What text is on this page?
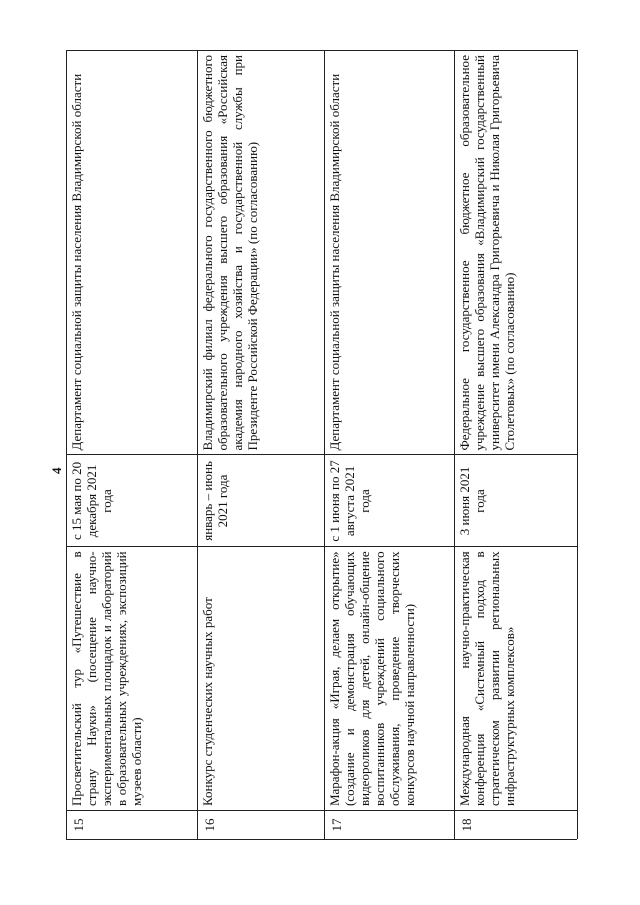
4
15
Просветительский тур «Путешествие в страну Науки» (посещение научно-экспериментальных площадок и лабораторий в образовательных учреждениях, экспозиций музеев области)
с 15 мая по 20 декабря 2021 года
Департамент социальной защиты населения Владимирской области
16
Конкурс студенческих научных работ
январь – июнь 2021 года
Владимирский филиал федерального государственного бюджетного образовательного учреждения высшего образования «Российская академия народного хозяйства и государственной службы при Президенте Российской Федерации» (по согласованию)
17
Марафон-акция «Играя, делаем открытие» (создание и демонстрация обучающих видеороликов для детей, онлайн-общение воспитанников учреждений социального обслуживания, проведение творческих конкурсов научной направленности)
с 1 июня по 27 августа 2021 года
Департамент социальной защиты населения Владимирской области
18
Международная научно-практическая конференция «Системный подход в стратегическом развитии региональных инфраструктурных комплексов»
3 июня 2021 года
Федеральное государственное бюджетное образовательное учреждение высшего образования «Владимирский государственный университет имени Александра Григорьевича и Николая Григорьевича Столетовых» (по согласованию)
